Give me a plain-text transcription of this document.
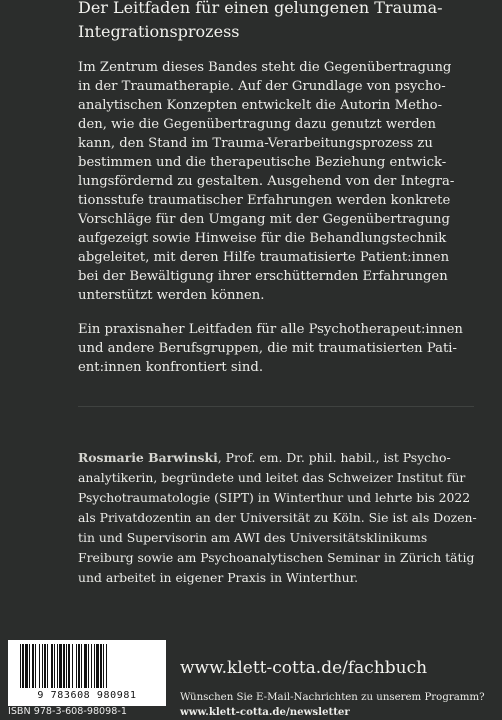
Der Leitfaden für einen gelungenen Trauma-
Integrationsprozess

Im Zentrum dieses Bandes steht die Gegenübertragung
in der Traumatherapie. Auf der Grundlage von psycho-
analytischen Konzepten entwickelt die Autorin Metho-
den, wie die Gegenübertragung dazu genutzt werden
kann, den Stand im Trauma-Verarbeitungsprozess zu
bestimmen und die therapeutische Beziehung entwick-
lungsfördernd zu gestalten. Ausgehend von der Integra-
tionsstufe traumatischer Erfahrungen werden konkrete
Vorschläge für den Umgang mit der Gegenübertragung
aufgezeigt sowie Hinweise für die Behandlungstechnik
abgeleitet, mit deren Hilfe traumatisierte Patient:innen
bei der Bewältigung ihrer erschütternden Erfahrungen
unterstützt werden können.

Ein praxisnaher Leitfaden für alle Psychotherapeut:innen
und andere Berufsgruppen, die mit traumatisierten Pati-
ent:innen konfrontiert sind.

Rosmarie Barwinski, Prof. em. Dr. phil. habil., ist Psycho-
analytikerin, begründete und leitet das Schweizer Institut für
Psychotraumatologie (SIPT) in Winterthur und lehrte bis 2022
als Privatdozentin an der Universität zu Köln. Sie ist als Dozen-
tin und Supervisorin am AWI des Universitätsklinikums
Freiburg sowie am Psychoanalytischen Seminar in Zürich tätig
und arbeitet in eigener Praxis in Winterthur.

9 783608 980981
ISBN 978-3-608-98098-1
www.klett-cotta.de/fachbuch
Wünschen Sie E-Mail-Nachrichten zu unserem Programm?
www.klett-cotta.de/newsletter
